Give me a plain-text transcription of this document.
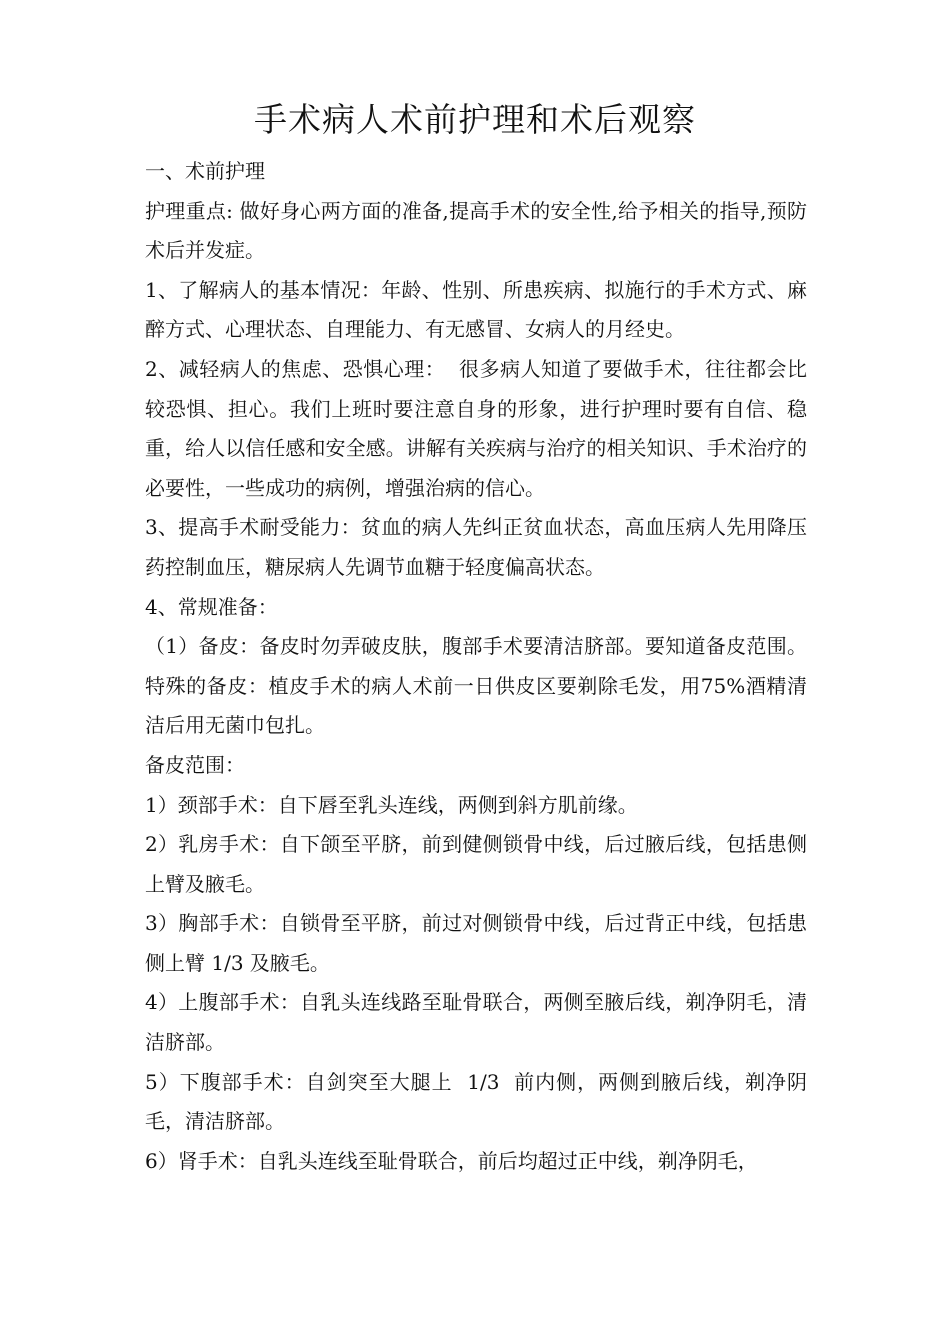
手术病人术前护理和术后观察

一、术前护理

护理重点: 做好身心两方面的准备,提高手术的安全性,给予相关的指导,预防术后并发症。

1、了解病人的基本情况：年龄、性别、所患疾病、拟施行的手术方式、麻醉方式、心理状态、自理能力、有无感冒、女病人的月经史。

2、减轻病人的焦虑、恐惧心理：  很多病人知道了要做手术，往往都会比较恐惧、担心。我们上班时要注意自身的形象，进行护理时要有自信、稳重，给人以信任感和安全感。讲解有关疾病与治疗的相关知识、手术治疗的必要性，一些成功的病例，增强治病的信心。

3、提高手术耐受能力：贫血的病人先纠正贫血状态，高血压病人先用降压药控制血压，糖尿病人先调节血糖于轻度偏高状态。

4、常规准备：

（1）备皮：备皮时勿弄破皮肤，腹部手术要清洁脐部。要知道备皮范围。特殊的备皮：植皮手术的病人术前一日供皮区要剃除毛发，用75%酒精清洁后用无菌巾包扎。

备皮范围：

1）颈部手术：自下唇至乳头连线，两侧到斜方肌前缘。

2）乳房手术：自下颌至平脐，前到健侧锁骨中线，后过腋后线，包括患侧上臂及腋毛。

3）胸部手术：自锁骨至平脐，前过对侧锁骨中线，后过背正中线，包括患侧上臂 1/3 及腋毛。

4）上腹部手术：自乳头连线路至耻骨联合，两侧至腋后线，剃净阴毛，清洁脐部。

5）下腹部手术：自剑突至大腿上  1/3  前内侧，两侧到腋后线，剃净阴毛，清洁脐部。

6）肾手术：自乳头连线至耻骨联合，前后均超过正中线，剃净阴毛，
